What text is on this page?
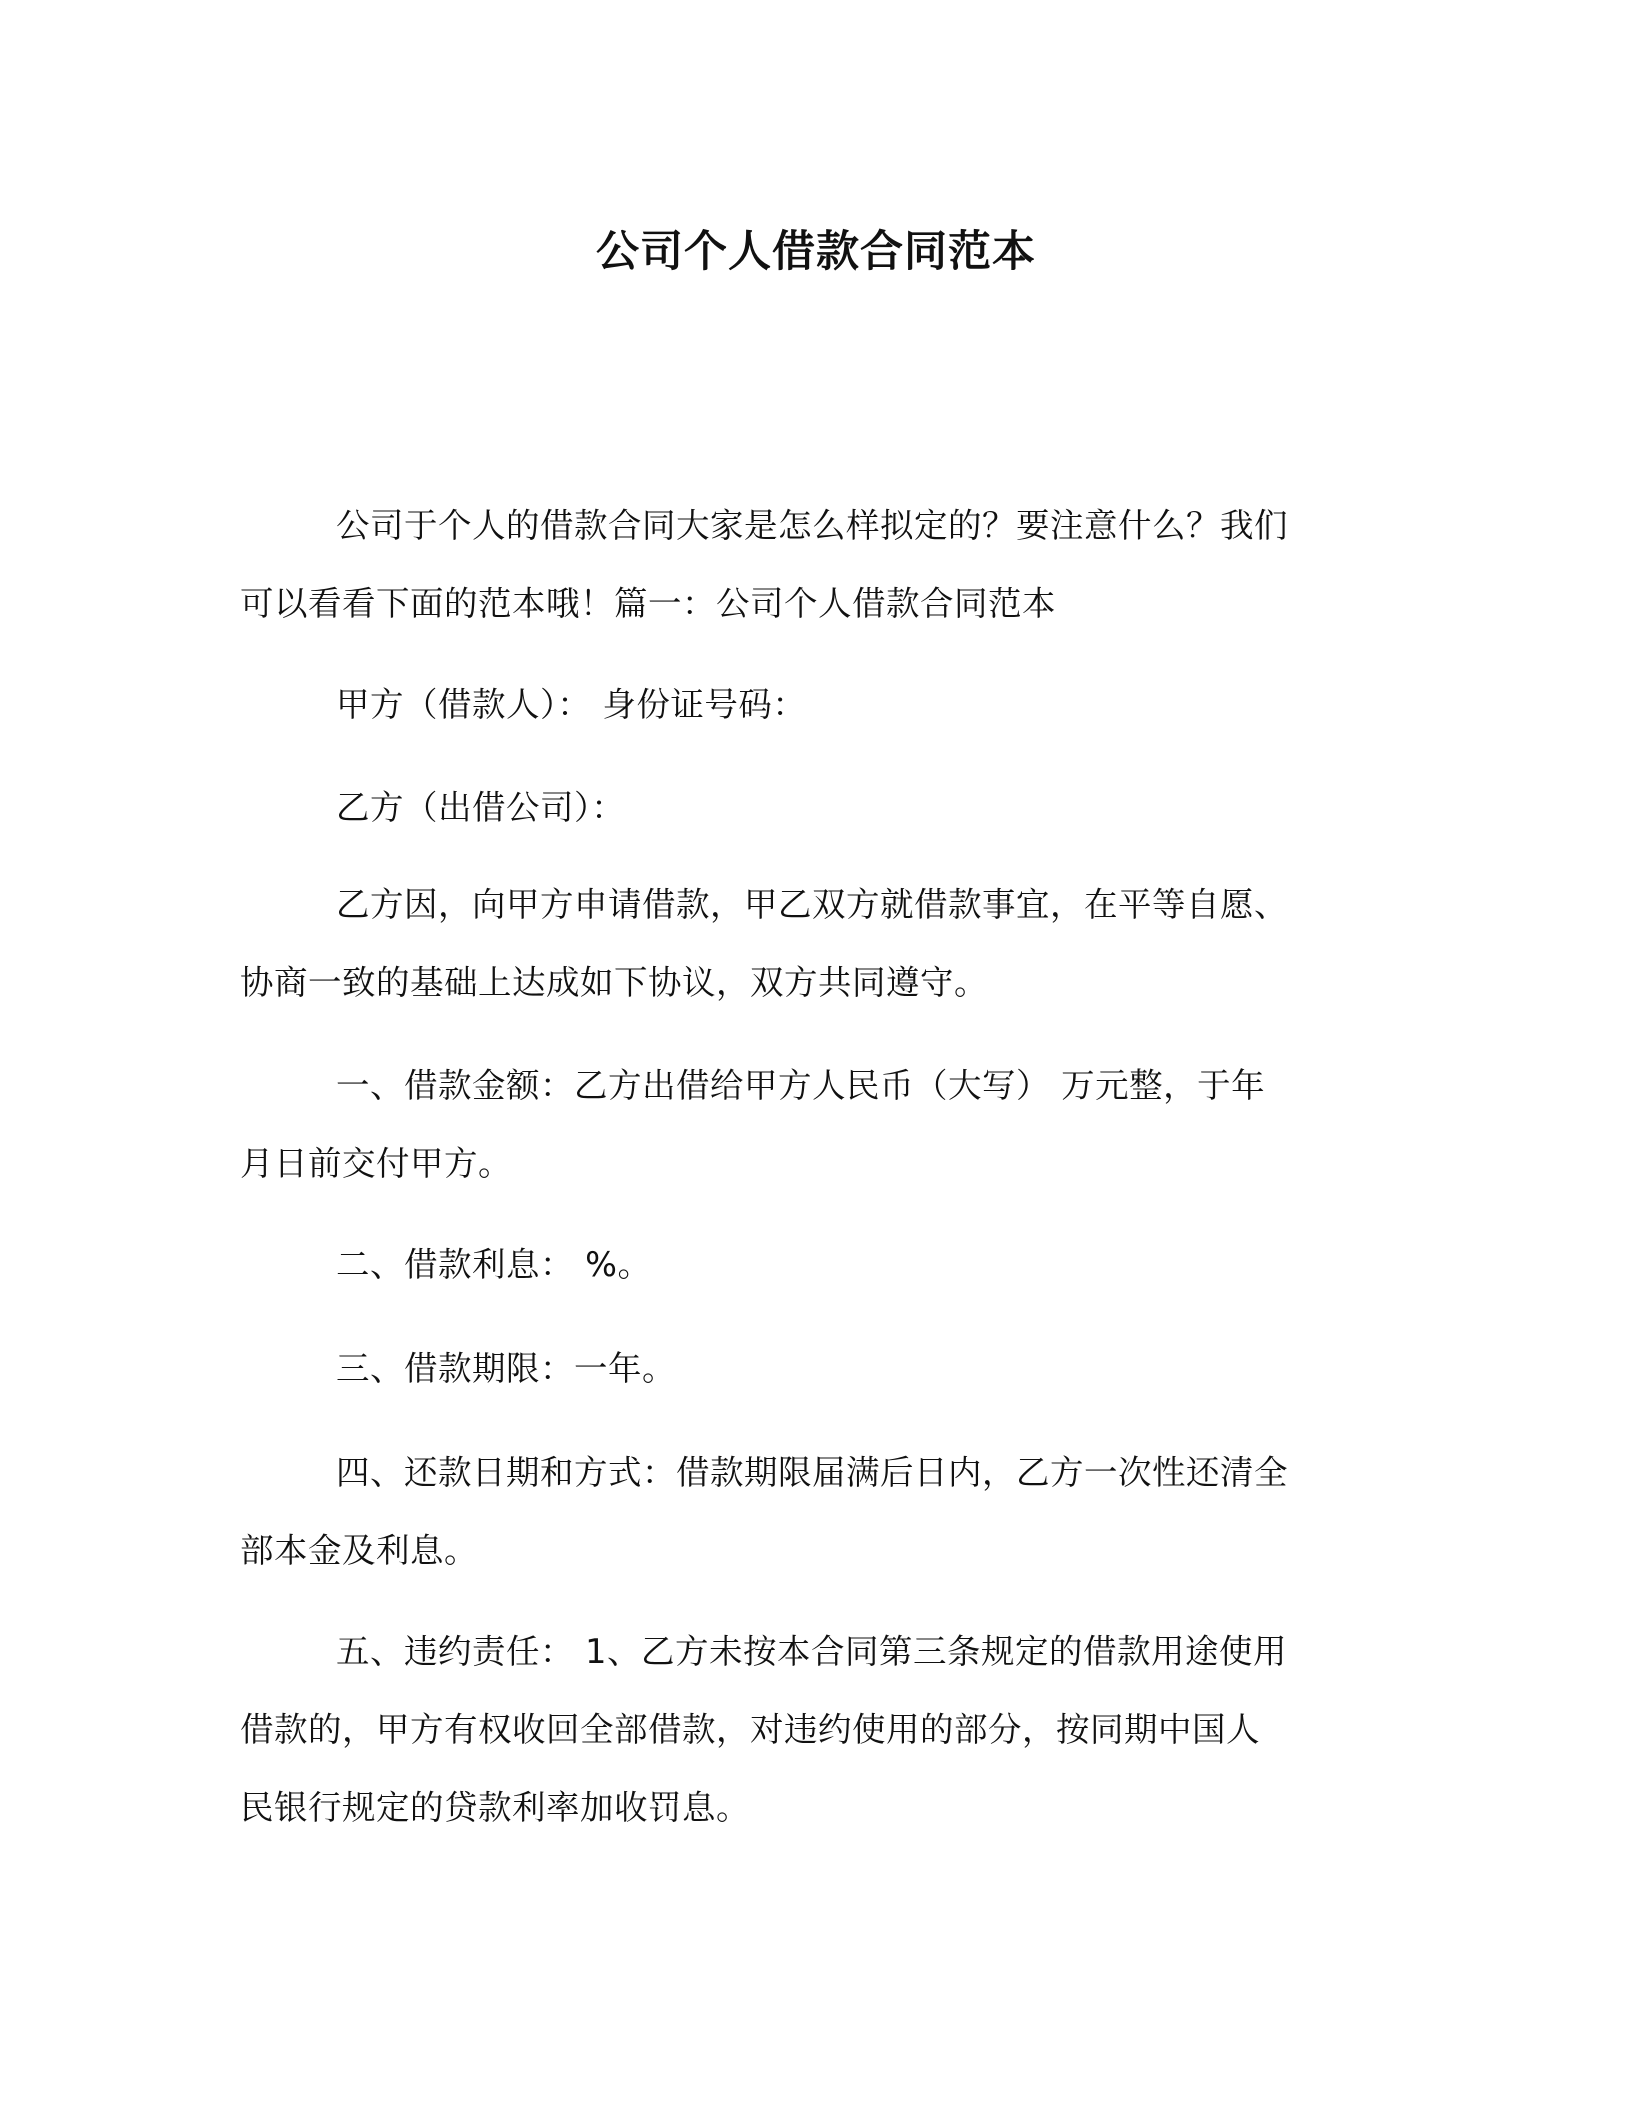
公司个人借款合同范本
公司于个人的借款合同大家是怎么样拟定的？要注意什么？我们
可以看看下面的范本哦！篇一：公司个人借款合同范本
甲方（借款人）： 身份证号码：
乙方（出借公司）：
乙方因，向甲方申请借款，甲乙双方就借款事宜，在平等自愿、
协商一致的基础上达成如下协议，双方共同遵守。
一、借款金额：乙方出借给甲方人民币（大写） 万元整，于年
月日前交付甲方。
二、借款利息： %。
三、借款期限：一年。
四、还款日期和方式：借款期限届满后日内，乙方一次性还清全
部本金及利息。
五、违约责任： 1、乙方未按本合同第三条规定的借款用途使用
借款的，甲方有权收回全部借款，对违约使用的部分，按同期中国人
民银行规定的贷款利率加收罚息。
